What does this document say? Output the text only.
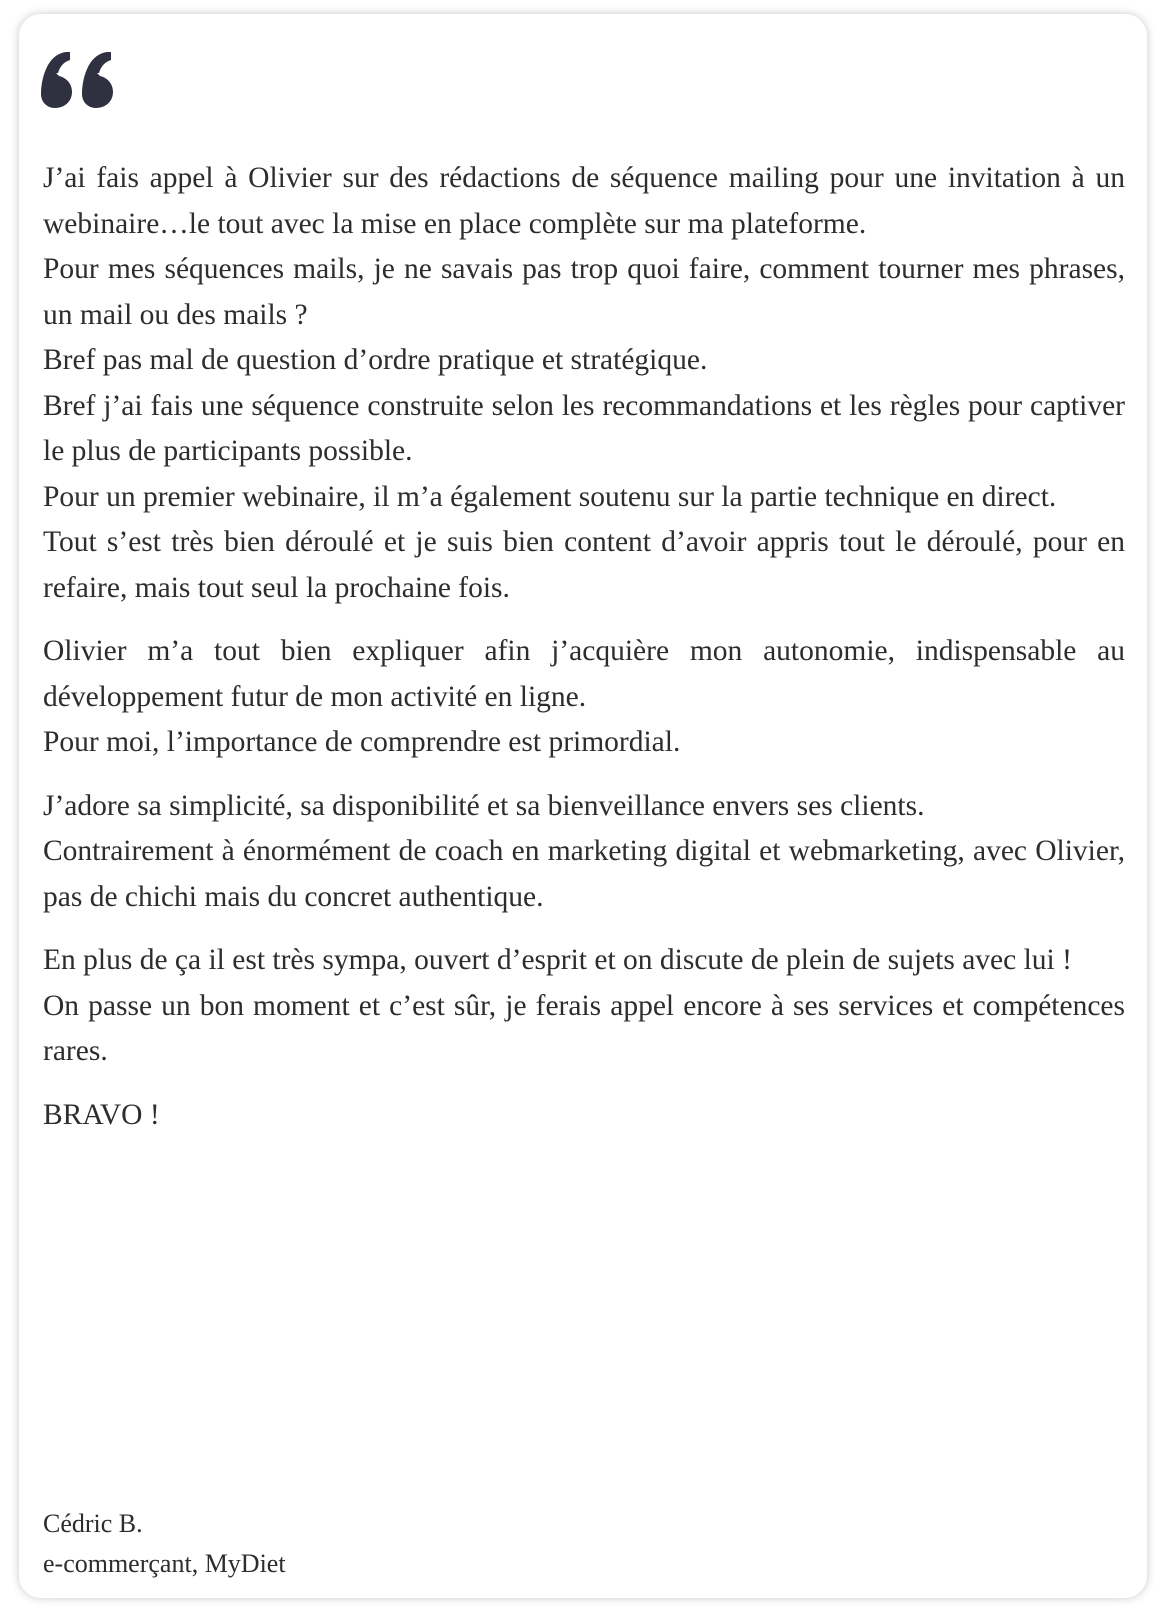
J’ai fais appel à Olivier sur des rédactions de séquence mailing pour une invitation à un webinaire…le tout avec la mise en place complète sur ma plateforme.
Pour mes séquences mails, je ne savais pas trop quoi faire, comment tourner mes phrases, un mail ou des mails ?
Bref pas mal de question d’ordre pratique et stratégique.
Bref j’ai fais une séquence construite selon les recommandations et les règles pour captiver le plus de participants possible.
Pour un premier webinaire, il m’a également soutenu sur la partie technique en direct.
Tout s’est très bien déroulé et je suis bien content d’avoir appris tout le déroulé, pour en refaire, mais tout seul la prochaine fois.
Olivier m’a tout bien expliquer afin j’acquière mon autonomie, indispensable au développement futur de mon activité en ligne.
Pour moi, l’importance de comprendre est primordial.
J’adore sa simplicité, sa disponibilité et sa bienveillance envers ses clients.
Contrairement à énormément de coach en marketing digital et webmarketing, avec Olivier, pas de chichi mais du concret authentique.
En plus de ça il est très sympa, ouvert d’esprit et on discute de plein de sujets avec lui !
On passe un bon moment et c’est sûr, je ferais appel encore à ses services et compétences rares.
BRAVO !
Cédric B.
e-commerçant, MyDiet
